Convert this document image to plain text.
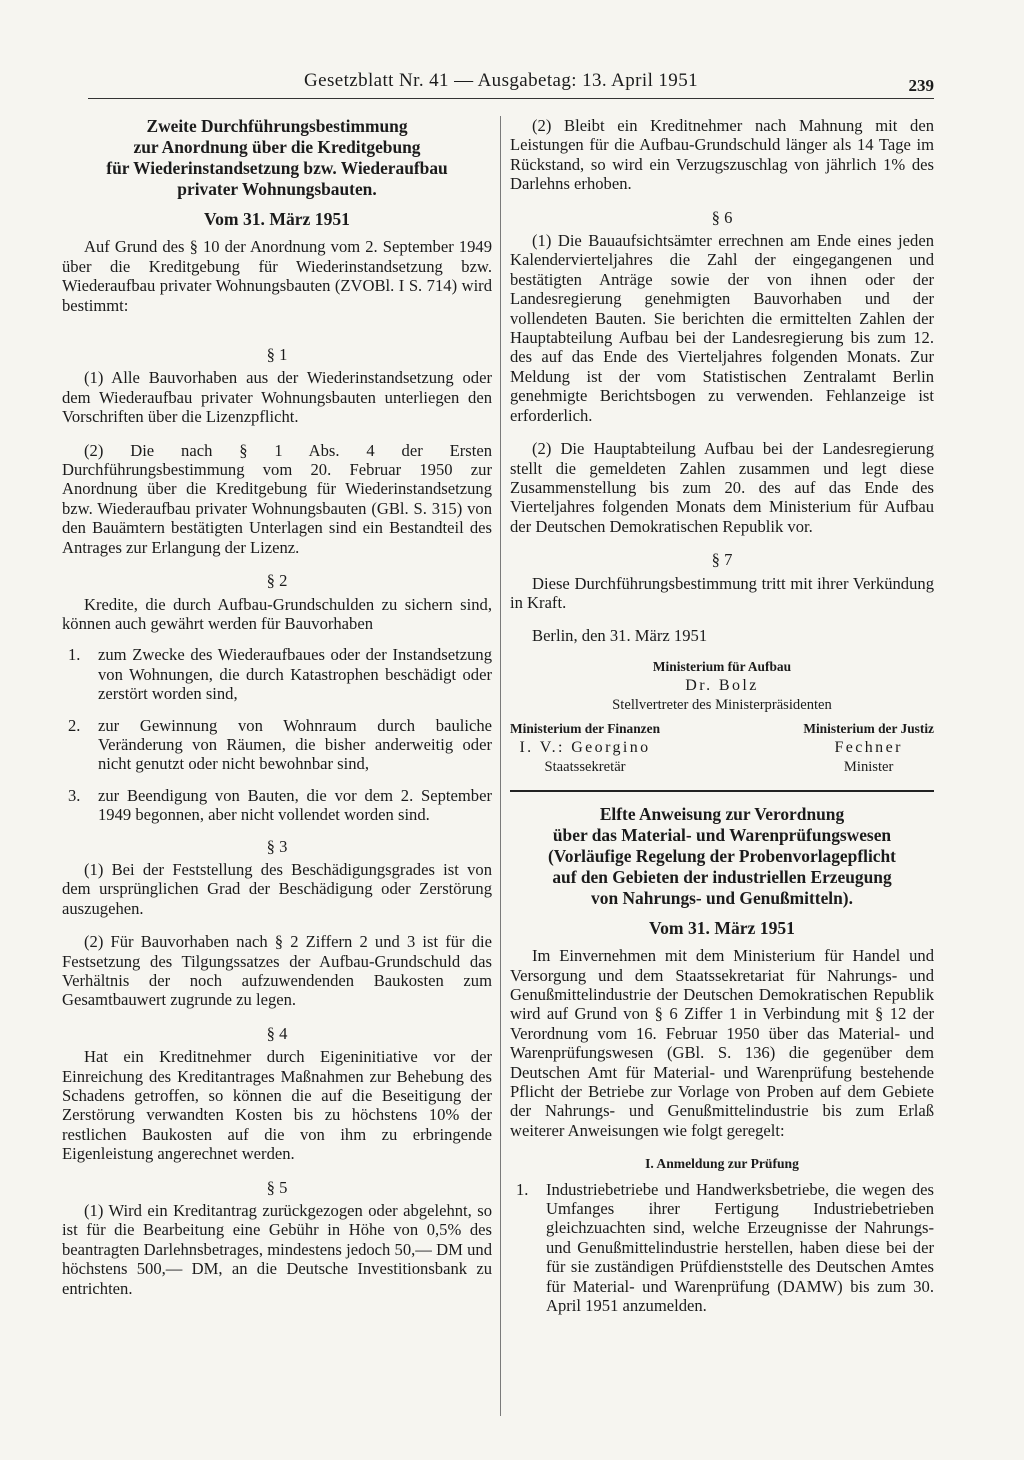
Gesetzblatt Nr. 41 — Ausgabetag: 13. April 1951	239

Zweite Durchführungsbestimmung

zur Anordnung über die Kreditgebung

für Wiederinstandsetzung bzw. Wiederaufbau

privater Wohnungsbauten.

Vom 31. März 1951

Auf Grund des § 10 der Anordnung vom 2. September 1949 über die Kreditgebung für Wiederinstandsetzung bzw. Wiederaufbau privater Wohnungsbauten (ZVOBl. I S. 714) wird bestimmt:

§ 1

(1) Alle Bauvorhaben aus der Wiederinstandsetzung oder dem Wiederaufbau privater Wohnungsbauten unterliegen den Vorschriften über die Lizenzpflicht.

(2) Die nach § 1 Abs. 4 der Ersten Durchführungsbestimmung vom 20. Februar 1950 zur Anordnung über die Kreditgebung für Wiederinstandsetzung bzw. Wiederaufbau privater Wohnungsbauten (GBl. S. 315) von den Bauämtern bestätigten Unterlagen sind ein Bestandteil des Antrages zur Erlangung der Lizenz.

§ 2

Kredite, die durch Aufbau-Grundschulden zu sichern sind, können auch gewährt werden für Bauvorhaben

1.	zum Zwecke des Wiederaufbaues oder der Instandsetzung von Wohnungen, die durch Katastrophen beschädigt oder zerstört worden sind,
2.	zur Gewinnung von Wohnraum durch bauliche Veränderung von Räumen, die bisher anderweitig oder nicht genutzt oder nicht bewohnbar sind,
3.	zur Beendigung von Bauten, die vor dem 2. September 1949 begonnen, aber nicht vollendet worden sind.

§ 3

(1) Bei der Feststellung des Beschädigungsgrades ist von dem ursprünglichen Grad der Beschädigung oder Zerstörung auszugehen.

(2) Für Bauvorhaben nach § 2 Ziffern 2 und 3 ist für die Festsetzung des Tilgungssatzes der Aufbau-Grundschuld das Verhältnis der noch aufzuwendenden Baukosten zum Gesamtbauwert zugrunde zu legen.

§ 4

Hat ein Kreditnehmer durch Eigeninitiative vor der Einreichung des Kreditantrages Maßnahmen zur Behebung des Schadens getroffen, so können die auf die Beseitigung der Zerstörung verwandten Kosten bis zu höchstens 10% der restlichen Baukosten auf die von ihm zu erbringende Eigenleistung angerechnet werden.

§ 5

(1) Wird ein Kreditantrag zurückgezogen oder abgelehnt, so ist für die Bearbeitung eine Gebühr in Höhe von 0,5% des beantragten Darlehnsbetrages, mindestens jedoch 50,— DM und höchstens 500,— DM, an die Deutsche Investitionsbank zu entrichten.

(2) Bleibt ein Kreditnehmer nach Mahnung mit den Leistungen für die Aufbau-Grundschuld länger als 14 Tage im Rückstand, so wird ein Verzugszuschlag von jährlich 1% des Darlehns erhoben.

§ 6

(1) Die Bauaufsichtsämter errechnen am Ende eines jeden Kalendervierteljahres die Zahl der eingegangenen und bestätigten Anträge sowie der von ihnen oder der Landesregierung genehmigten Bauvorhaben und der vollendeten Bauten. Sie berichten die ermittelten Zahlen der Hauptabteilung Aufbau bei der Landesregierung bis zum 12. des auf das Ende des Vierteljahres folgenden Monats. Zur Meldung ist der vom Statistischen Zentralamt Berlin genehmigte Berichtsbogen zu verwenden. Fehlanzeige ist erforderlich.

(2) Die Hauptabteilung Aufbau bei der Landesregierung stellt die gemeldeten Zahlen zusammen und legt diese Zusammenstellung bis zum 20. des auf das Ende des Vierteljahres folgenden Monats dem Ministerium für Aufbau der Deutschen Demokratischen Republik vor.

§ 7

Diese Durchführungsbestimmung tritt mit ihrer Verkündung in Kraft.

Berlin, den 31. März 1951

Ministerium für Aufbau
Dr. Bolz
Stellvertreter des Ministerpräsidenten
Ministerium der Finanzen
I. V.: Georgino
Staatssekretär
Ministerium der Justiz
Fechner
Minister

Elfte Anweisung zur Verordnung

über das Material- und Warenprüfungswesen

(Vorläufige Regelung der Probenvorlagepflicht

auf den Gebieten der industriellen Erzeugung

von Nahrungs- und Genußmitteln).

Vom 31. März 1951

Im Einvernehmen mit dem Ministerium für Handel und Versorgung und dem Staatssekretariat für Nahrungs- und Genußmittelindustrie der Deutschen Demokratischen Republik wird auf Grund von § 6 Ziffer 1 in Verbindung mit § 12 der Verordnung vom 16. Februar 1950 über das Material- und Warenprüfungswesen (GBl. S. 136) die gegenüber dem Deutschen Amt für Material- und Warenprüfung bestehende Pflicht der Betriebe zur Vorlage von Proben auf dem Gebiete der Nahrungs- und Genußmittelindustrie bis zum Erlaß weiterer Anweisungen wie folgt geregelt:

I. Anmeldung zur Prüfung

1.	Industriebetriebe und Handwerksbetriebe, die wegen des Umfanges ihrer Fertigung Industriebetrieben gleichzuachten sind, welche Erzeugnisse der Nahrungs- und Genußmittelindustrie herstellen, haben diese bei der für sie zuständigen Prüfdienststelle des Deutschen Amtes für Material- und Warenprüfung (DAMW) bis zum 30. April 1951 anzumelden.
